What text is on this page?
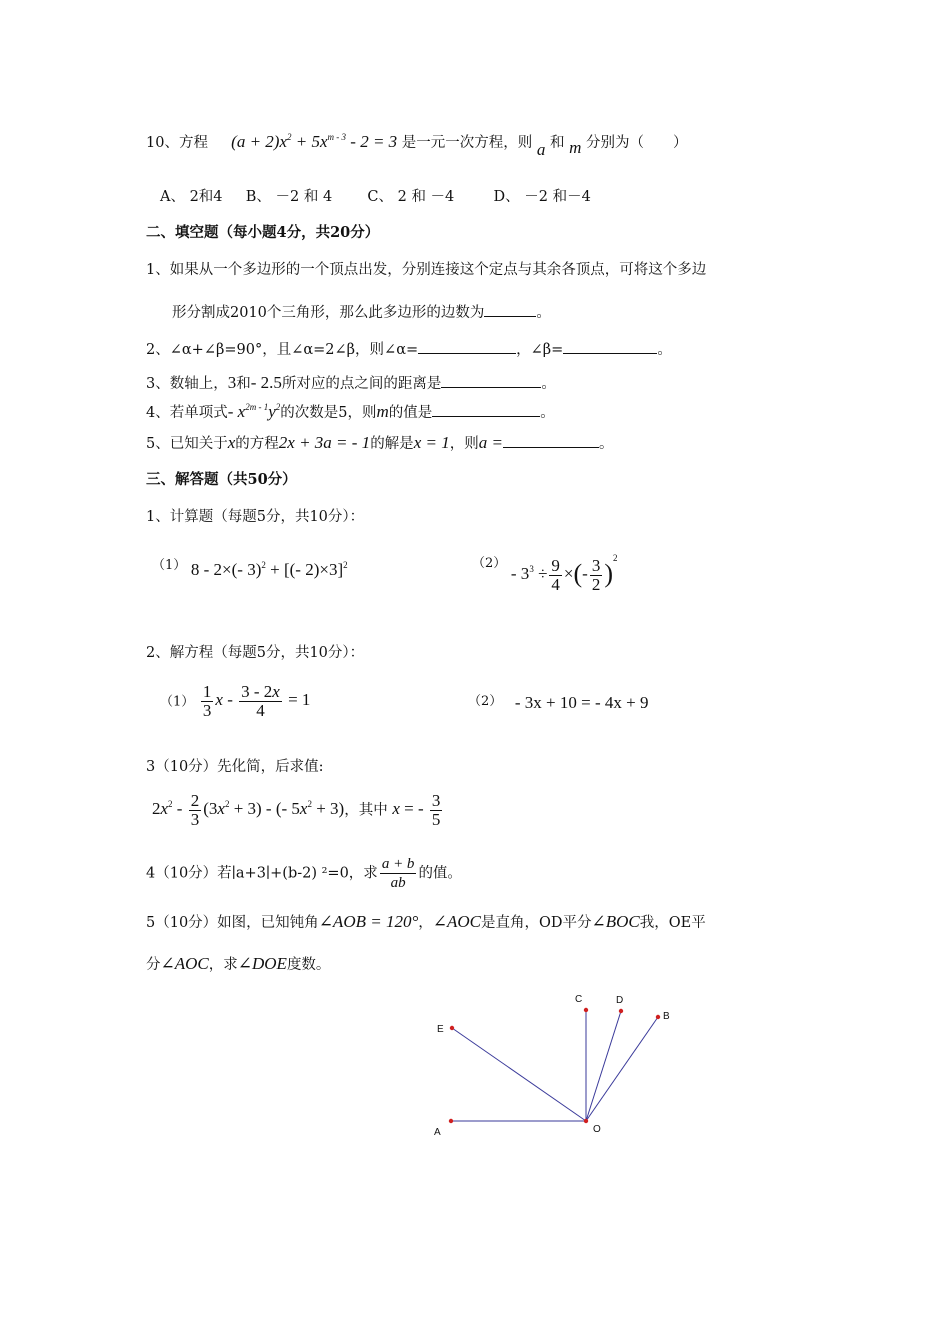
10、方程 $(a + 2)x^2 + 5x^{m - 3} - 2 = 3$ 是一元一次方程，则 a 和 m 分别为（　　）
A、 2和4 B、 －2 和 4 C、 2 和 －4	D、 －2 和－4
二、填空题（每小题4分，共20分）
1、如果从一个多边形的一个顶点出发，分别连接这个定点与其余各顶点，可将这个多边
形分割成2010个三角形，那么此多边形的边数为	。
2、∠α+∠β=90°，且∠α=2∠β，则∠α=	，∠β=	。
3、数轴上，3和- 2.5所对应的点之间的距离是	。
4、若单项式- $x^{2m - 1}y^2$的次数是5，则m的值是	。
5、已知关于x的方程2x + 3a = - 1的解是x = 1，则a =	。
三、解答题（共50分）
1、计算题（每题5分，共10分）：
（1） 8 - 2×(- 3)$^2$ + [(- 2)×3]$^2$	$(2) - 3^3 \div \frac{9}{4}$ ×(- $\frac{3}{2} )^2$
2、解方程（每题5分，共10分）：
$(1) \frac{1}{3}$ $x - \frac{3 - 2x}{4} = 1$	（2） - 3x + 10 = - 4x + 9
3（10分）先化简，后求值:
$2x^2 - \frac{2}{3} (3x^2 + 3)$ - (- $5x^2 + 3$)，其中 x = - $\frac{3}{5}$
4（10分）若∣a+3∣+(b-2) ²=0，求 $\frac{a + b}{ab}$ 的值。
5（10分）如图，已知钝角∠AOB = 120°，∠AOC是直角，OD平分∠BOC我，OE平
分∠AOC，求∠DOE度数。
A	O
E
C	D
B
